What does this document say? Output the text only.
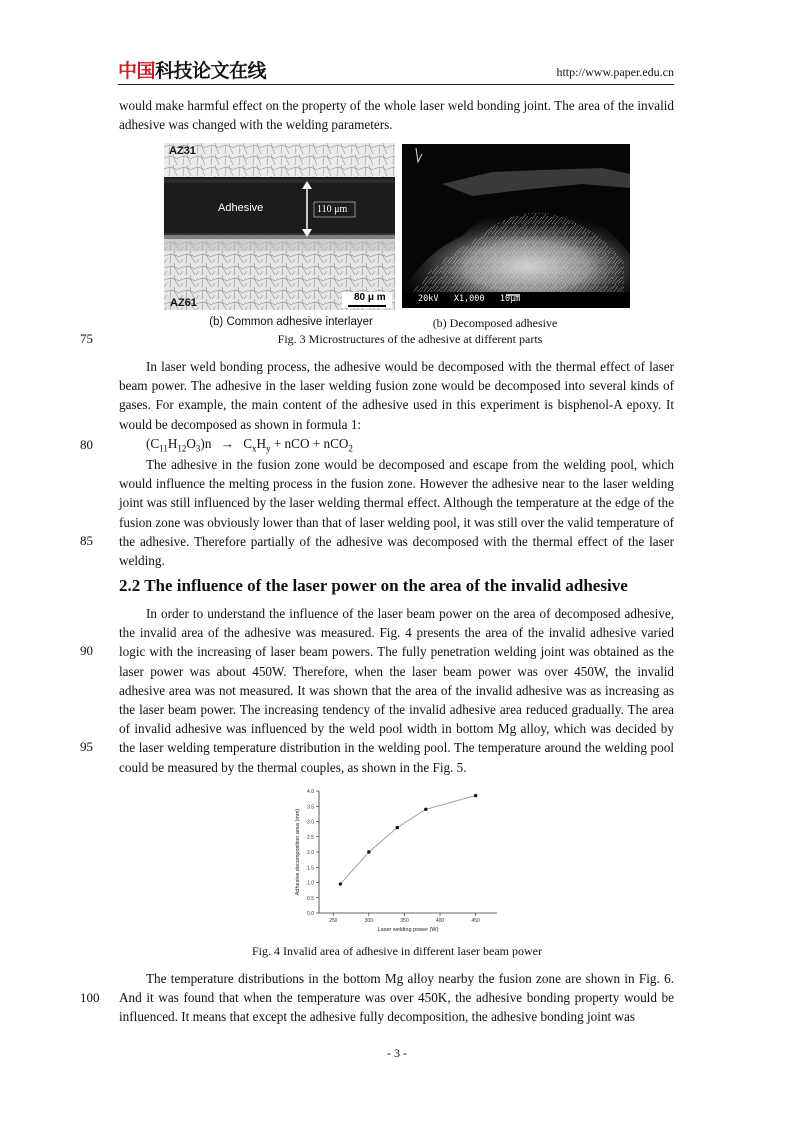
中国科技论文在线	http://www.paper.edu.cn

would make harmful effect on the property of the whole laser weld bonding joint. The area of the invalid adhesive was changed with the welding parameters.

AZ31
Adhesive	110 μm
AZ61	80 μ m	20kV   X1,000   10μm
(b) Common adhesive interlayer	(b) Decomposed adhesive
Fig. 3 Microstructures of the adhesive at different parts
75
80
85
90
95
100

In laser weld bonding process, the adhesive would be decomposed with the thermal effect of laser beam power. The adhesive in the laser welding fusion zone would be decomposed into several kinds of gases. For example, the main content of the adhesive used in this experiment is bisphenol-A epoxy. It would be decomposed as shown in formula 1:

$(C_{11}H_{12}O_3)n \to C_xH_y$ + nCO + nCO$_2$

The adhesive in the fusion zone would be decomposed and escape from the welding pool, which would influence the melting process in the fusion zone. However the adhesive near to the laser welding joint was still influenced by the laser welding thermal effect. Although the temperature at the edge of the fusion zone was obviously lower than that of laser welding pool, it was still over the valid temperature of the adhesive. Therefore partially of the adhesive was decomposed with the thermal effect of the laser welding.

2.2 The influence of the laser power on the area of the invalid adhesive

In order to understand the influence of the laser beam power on the area of decomposed adhesive, the invalid area of the adhesive was measured. Fig. 4 presents the area of the invalid adhesive varied logic with the increasing of laser beam powers. The fully penetration welding joint was obtained as the laser power was about 450W. Therefore, when the laser beam power was over 450W, the invalid adhesive area was not measured. It was shown that the area of the invalid adhesive was as increasing as the laser beam power. The increasing tendency of the invalid adhesive area reduced gradually. The area of invalid adhesive was influenced by the weld pool width in bottom Mg alloy, which was decided by the laser welding temperature distribution in the welding pool. The temperature around the welding pool could be measured by the thermal couples, as shown in the Fig. 5.

0.0
0.5
1.0
1.5
2.0
2.5
3.0
3.5
4.0
250	300	350	400	450
Laser welding power (W)
Adhesive decomposition area (mm)
Fig. 4 Invalid area of adhesive in different laser beam power

The temperature distributions in the bottom Mg alloy nearby the fusion zone are shown in Fig. 6. And it was found that when the temperature was over 450K, the adhesive bonding property would be influenced. It means that except the adhesive fully decomposition, the adhesive bonding joint was

- 3 -
